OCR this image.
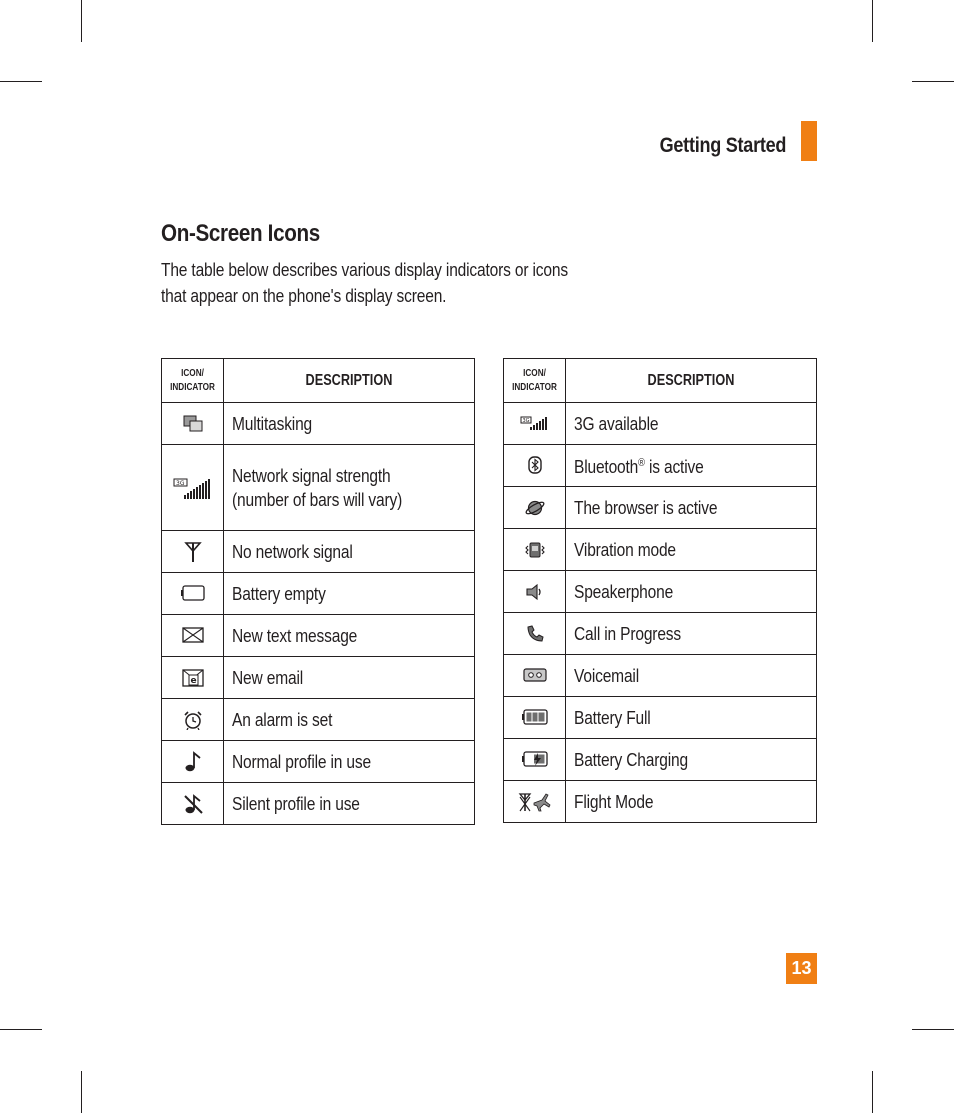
Getting Started
On-Screen Icons
The table below describes various display indicators or icons
that appear on the phone's display screen.
ICON/
INDICATOR	DESCRIPTION
	Multitasking

3G	Network signal strength
(number of bars will vary)
	No network signal
	Battery empty
	New text message

e	New email
	An alarm is set
	Normal profile in use
	Silent profile in use
ICON/
INDICATOR	DESCRIPTION

3G	3G available
	Bluetooth® is active
	The browser is active
	Vibration mode
	Speakerphone
	Call in Progress
	Voicemail
	Battery Full
	Battery Charging
	Flight Mode
13
